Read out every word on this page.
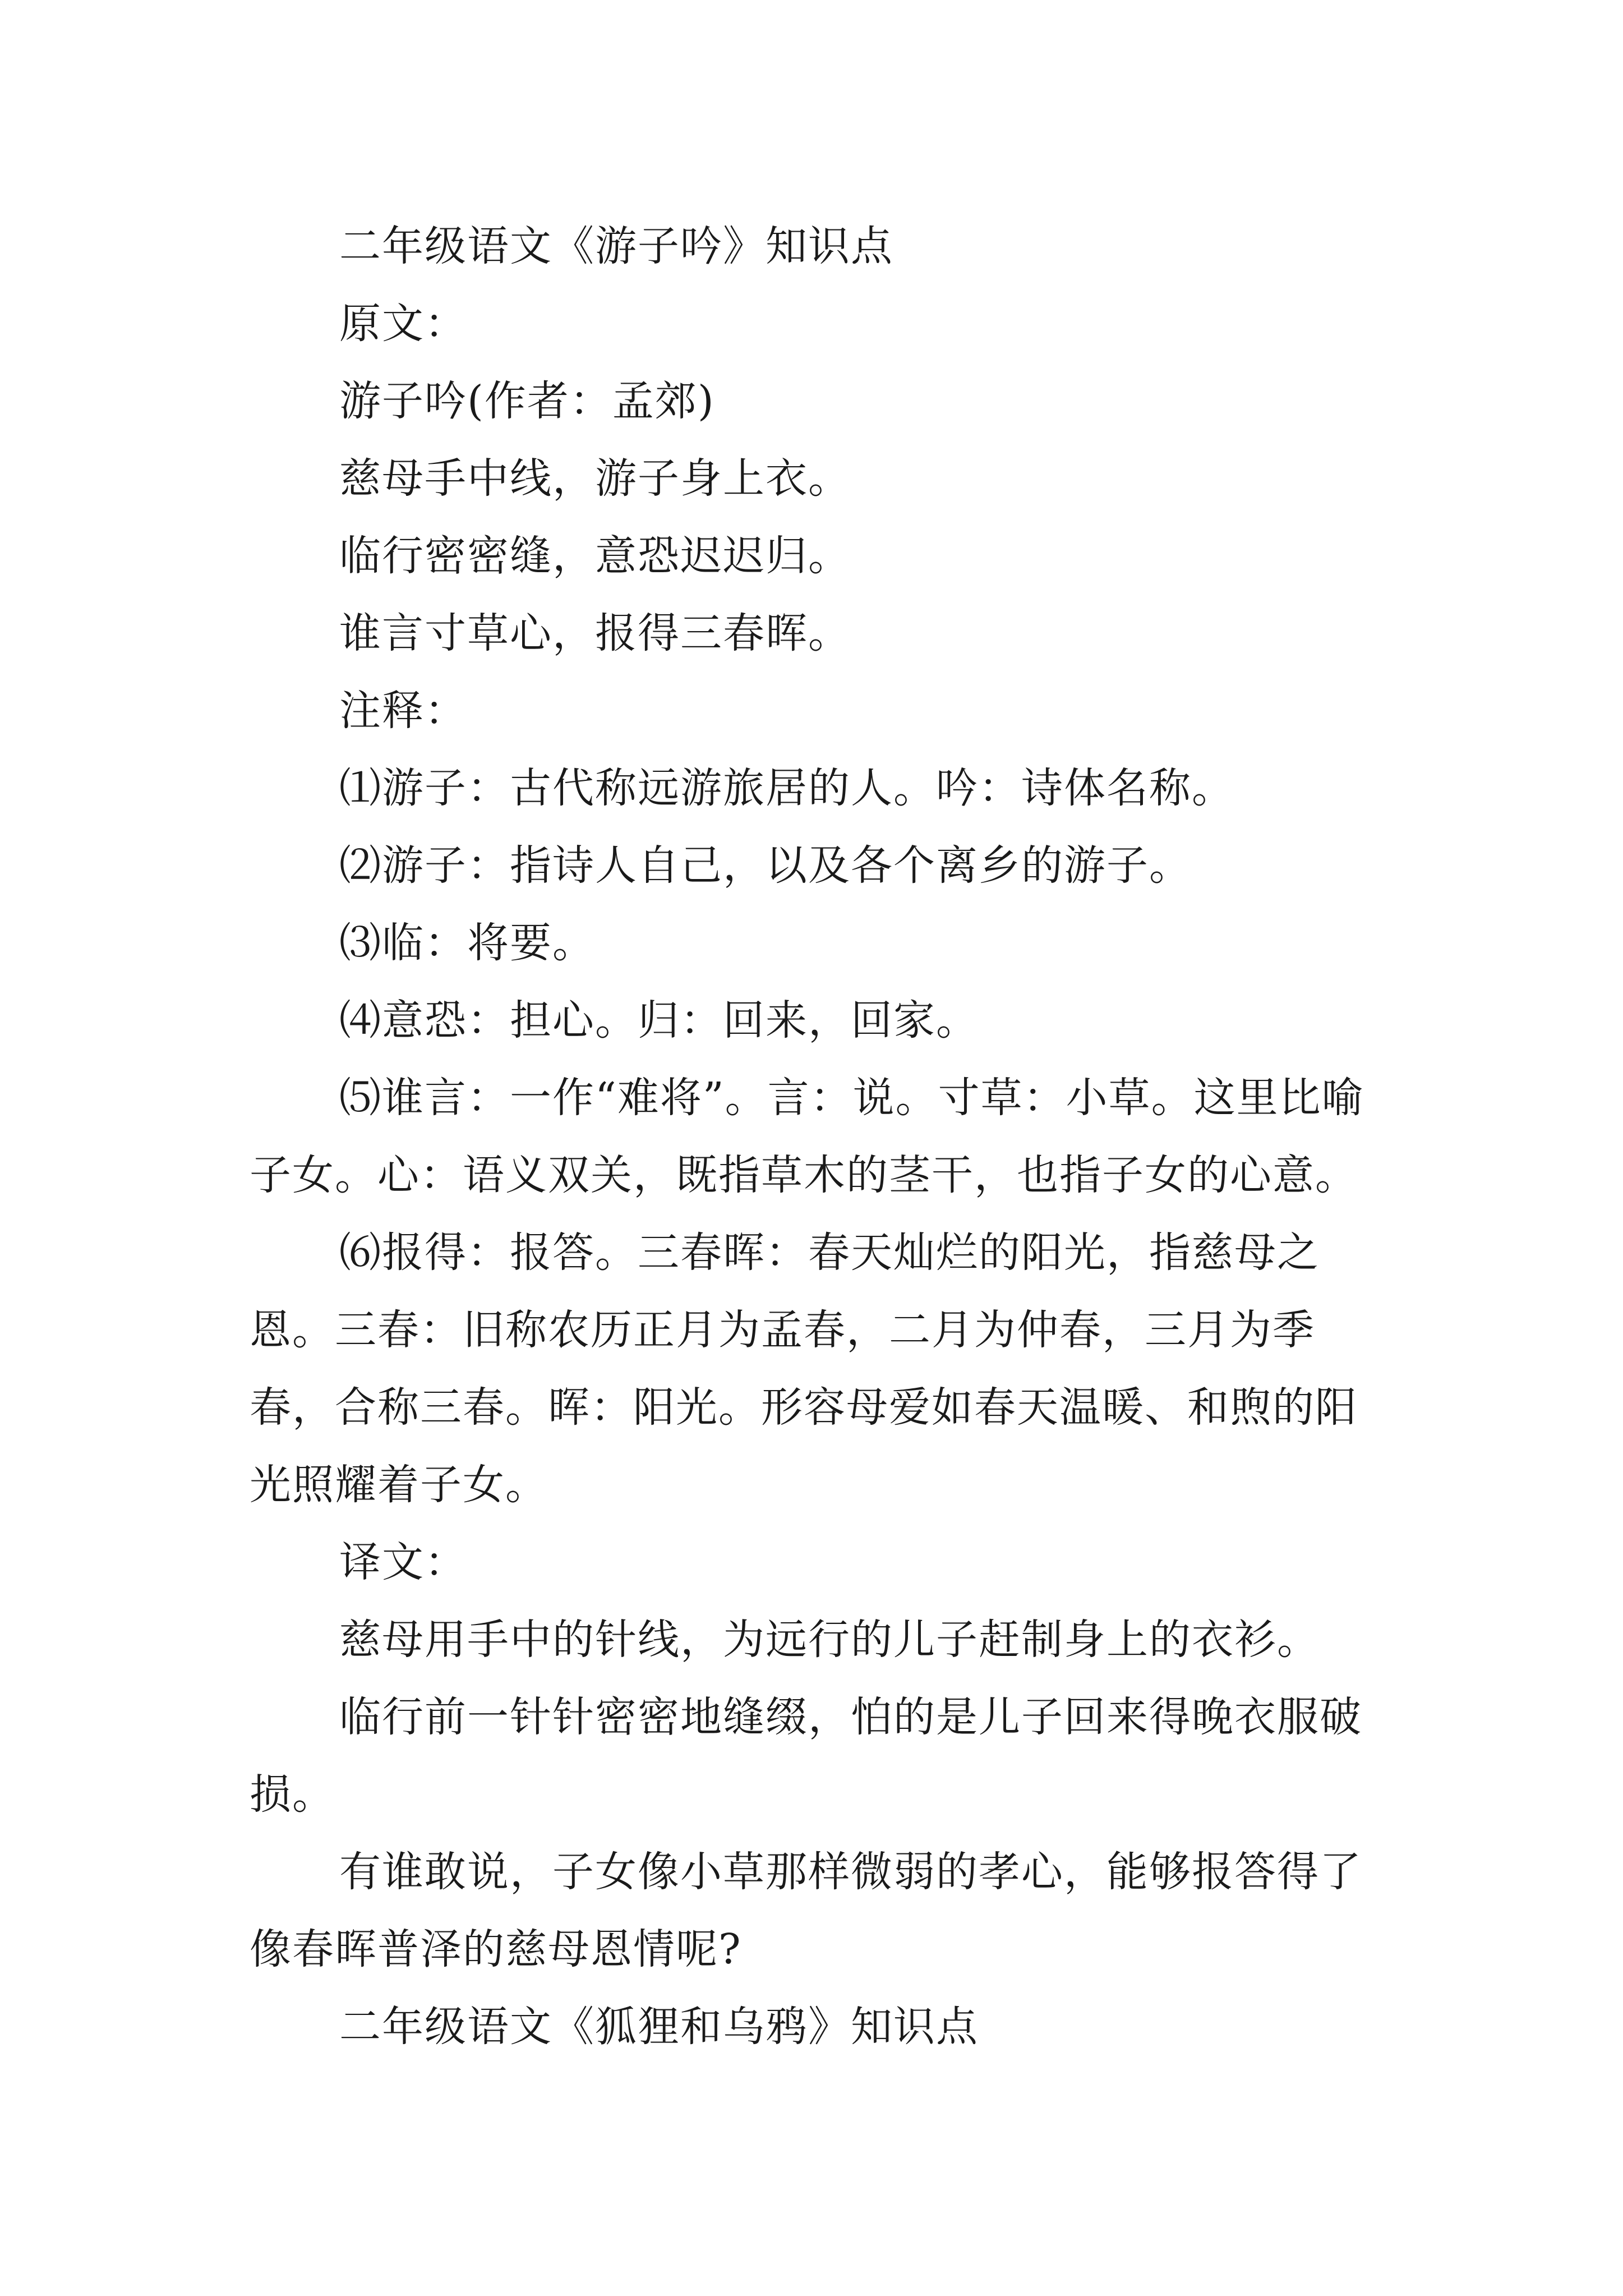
二年级语文《游子吟》知识点

原文：

游子吟(作者：孟郊)

慈母手中线，游子身上衣。

临行密密缝，意恐迟迟归。

谁言寸草心，报得三春晖。

注释：

⑴游子：古代称远游旅居的人。吟：诗体名称。

⑵游子：指诗人自己，以及各个离乡的游子。

⑶临：将要。

⑷意恐：担心。归：回来，回家。

⑸谁言：一作“难将”。言：说。寸草：小草。这里比喻子女。心：语义双关，既指草木的茎干，也指子女的心意。

⑹报得：报答。三春晖：春天灿烂的阳光，指慈母之恩。三春：旧称农历正月为孟春，二月为仲春，三月为季春，合称三春。晖：阳光。形容母爱如春天温暖、和煦的阳光照耀着子女。

译文：

慈母用手中的针线，为远行的儿子赶制身上的衣衫。

临行前一针针密密地缝缀，怕的是儿子回来得晚衣服破损。

有谁敢说，子女像小草那样微弱的孝心，能够报答得了像春晖普泽的慈母恩情呢?

二年级语文《狐狸和乌鸦》知识点
